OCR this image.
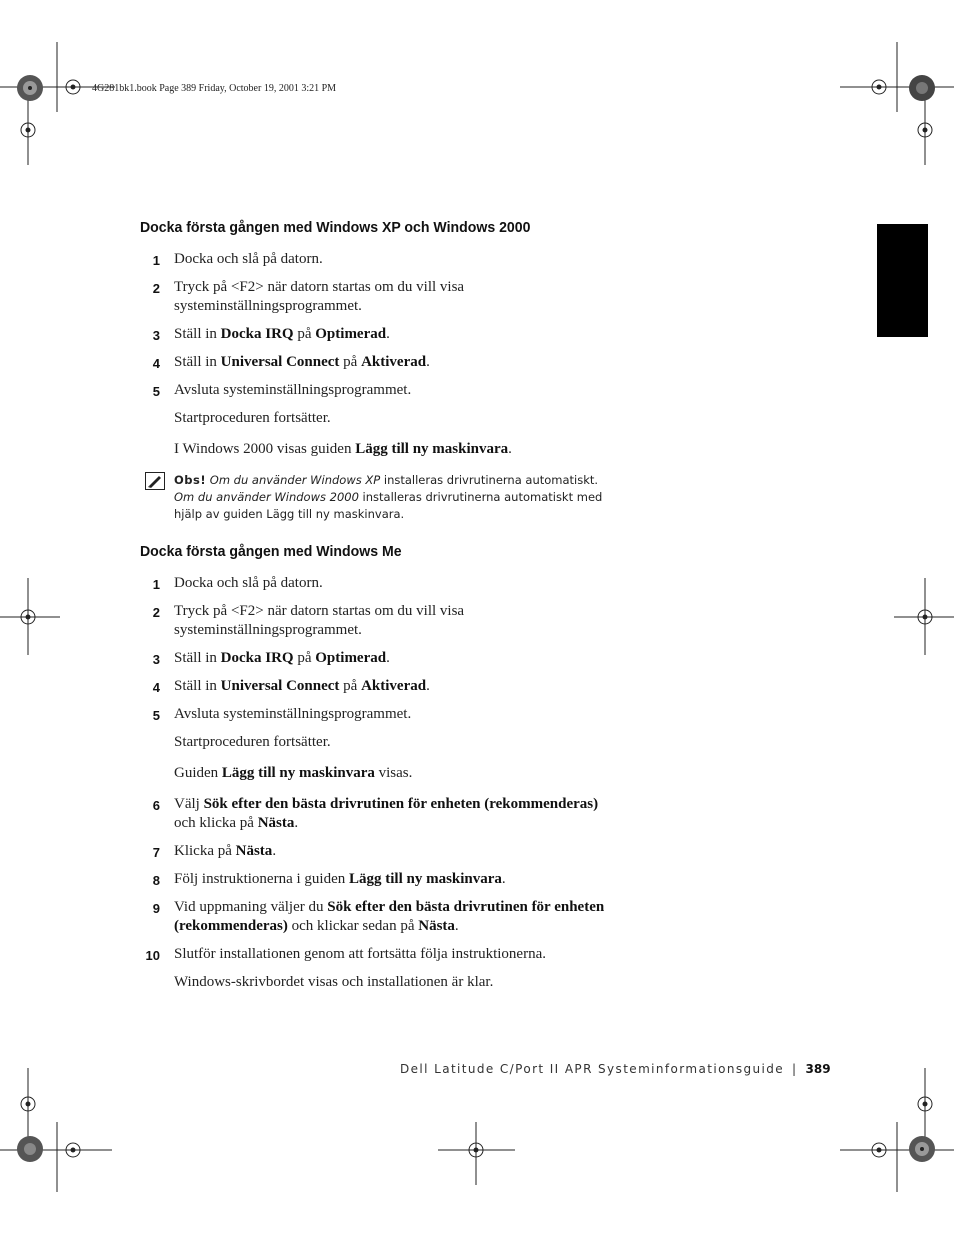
4G281bk1.book Page 389 Friday, October 19, 2001 3:21 PM
Docka första gången med Windows XP och Windows 2000
1 Docka och slå på datorn.
2 Tryck på <F2> när datorn startas om du vill visa
systeminställningsprogrammet.
3 Ställ in Docka IRQ på Optimerad.
4 Ställ in Universal Connect på Aktiverad.
5 Avsluta systeminställningsprogrammet.
Startproceduren fortsätter.
I Windows 2000 visas guiden Lägg till ny maskinvara.
Obs! Om du använder Windows XP installeras drivrutinerna automatiskt.
Om du använder Windows 2000 installeras drivrutinerna automatiskt med
hjälp av guiden Lägg till ny maskinvara.
Docka första gången med Windows Me
1 Docka och slå på datorn.
2 Tryck på <F2> när datorn startas om du vill visa
systeminställningsprogrammet.
3 Ställ in Docka IRQ på Optimerad.
4 Ställ in Universal Connect på Aktiverad.
5 Avsluta systeminställningsprogrammet.
Startproceduren fortsätter.
Guiden Lägg till ny maskinvara visas.
6 Välj Sök efter den bästa drivrutinen för enheten (rekommenderas)
och klicka på Nästa.
7 Klicka på Nästa.
8 Följ instruktionerna i guiden Lägg till ny maskinvara.
9 Vid uppmaning väljer du Sök efter den bästa drivrutinen för enheten
(rekommenderas) och klickar sedan på Nästa.
10 Slutför installationen genom att fortsätta följa instruktionerna.
Windows-skrivbordet visas och installationen är klar.
Dell Latitude C/Port II APR Systeminformationsguide | 389
